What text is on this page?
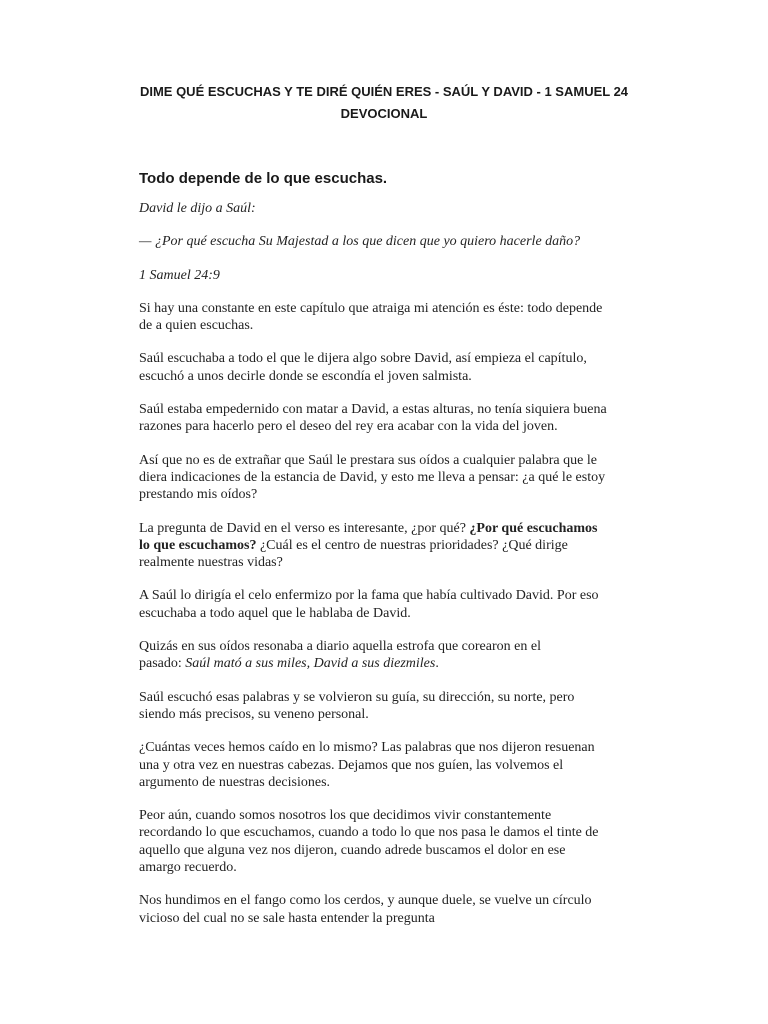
DIME QUÉ ESCUCHAS Y TE DIRÉ QUIÉN ERES - SAÚL Y DAVID - 1 SAMUEL 24
DEVOCIONAL
Todo depende de lo que escuchas.

David le dijo a Saúl:

— ¿Por qué escucha Su Majestad a los que dicen que yo quiero hacerle daño?

1 Samuel 24:9

Si hay una constante en este capítulo que atraiga mi atención es éste: todo depende
de a quien escuchas.

Saúl escuchaba a todo el que le dijera algo sobre David, así empieza el capítulo,
escuchó a unos decirle donde se escondía el joven salmista.

Saúl estaba empedernido con matar a David, a estas alturas, no tenía siquiera buena
razones para hacerlo pero el deseo del rey era acabar con la vida del joven.

Así que no es de extrañar que Saúl le prestara sus oídos a cualquier palabra que le
diera indicaciones de la estancia de David, y esto me lleva a pensar: ¿a qué le estoy
prestando mis oídos?

La pregunta de David en el verso es interesante, ¿por qué? ¿Por qué escuchamos
lo que escuchamos? ¿Cuál es el centro de nuestras prioridades? ¿Qué dirige
realmente nuestras vidas?

A Saúl lo dirigía el celo enfermizo por la fama que había cultivado David. Por eso
escuchaba a todo aquel que le hablaba de David.

Quizás en sus oídos resonaba a diario aquella estrofa que corearon en el
pasado: Saúl mató a sus miles, David a sus diezmiles.

Saúl escuchó esas palabras y se volvieron su guía, su dirección, su norte, pero
siendo más precisos, su veneno personal.

¿Cuántas veces hemos caído en lo mismo? Las palabras que nos dijeron resuenan
una y otra vez en nuestras cabezas. Dejamos que nos guíen, las volvemos el
argumento de nuestras decisiones.

Peor aún, cuando somos nosotros los que decidimos vivir constantemente
recordando lo que escuchamos, cuando a todo lo que nos pasa le damos el tinte de
aquello que alguna vez nos dijeron, cuando adrede buscamos el dolor en ese
amargo recuerdo.

Nos hundimos en el fango como los cerdos, y aunque duele, se vuelve un círculo
vicioso del cual no se sale hasta entender la pregunta
